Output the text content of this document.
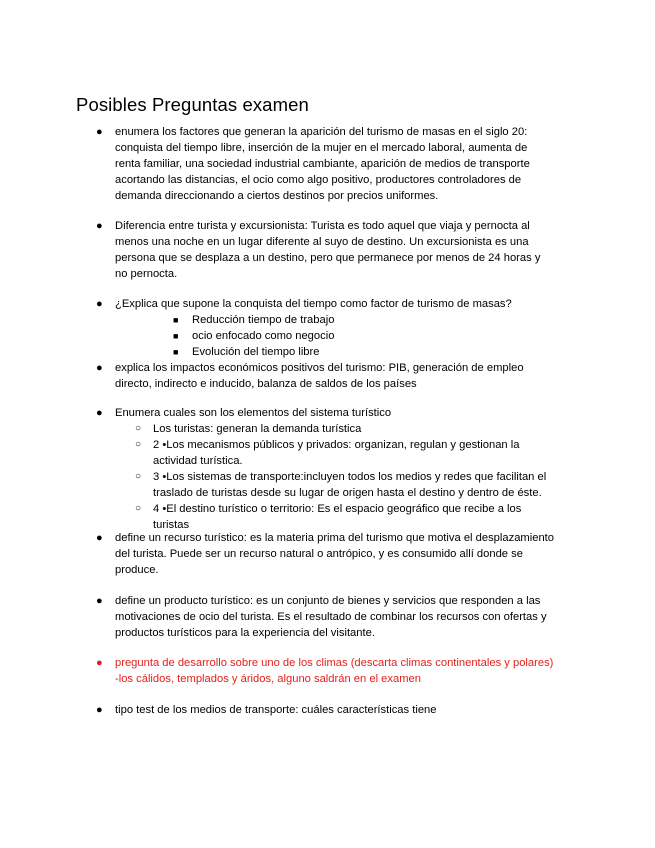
Posibles Preguntas examen
● enumera los factores que generan la aparición del turismo de masas en el siglo 20:
conquista del tiempo libre, inserción de la mujer en el mercado laboral, aumenta de
renta familiar, una sociedad industrial cambiante, aparición de medios de transporte
acortando las distancias, el ocio como algo positivo, productores controladores de
demanda direccionando a ciertos destinos por precios uniformes.
● Diferencia entre turista y excursionista: Turista es todo aquel que viaja y pernocta al
menos una noche en un lugar diferente al suyo de destino. Un excursionista es una
persona que se desplaza a un destino, pero que permanece por menos de 24 horas y
no pernocta.
● ¿Explica que supone la conquista del tiempo como factor de turismo de masas?
■ Reducción tiempo de trabajo
■ ocio enfocado como negocio
■ Evolución del tiempo libre
● explica los impactos económicos positivos del turismo: PIB, generación de empleo
directo, indirecto e inducido, balanza de saldos de los países
● Enumera cuales son los elementos del sistema turístico
○ Los turistas: generan la demanda turística
○ 2 •Los mecanismos públicos y privados: organizan, regulan y gestionan la
actividad turística.
○ 3 •Los sistemas de transporte:incluyen todos los medios y redes que facilitan el
traslado de turistas desde su lugar de origen hasta el destino y dentro de éste.
○ 4 •El destino turístico o territorio: Es el espacio geográfico que recibe a los
turistas
● define un recurso turístico: es la materia prima del turismo que motiva el desplazamiento
del turista. Puede ser un recurso natural o antrópico, y es consumido allí donde se
produce.
● define un producto turístico: es un conjunto de bienes y servicios que responden a las
motivaciones de ocio del turista. Es el resultado de combinar los recursos con ofertas y
productos turísticos para la experiencia del visitante.
● pregunta de desarrollo sobre uno de los climas (descarta climas continentales y polares)
-los cálidos, templados y áridos, alguno saldrán en el examen
● tipo test de los medios de transporte: cuáles características tiene
